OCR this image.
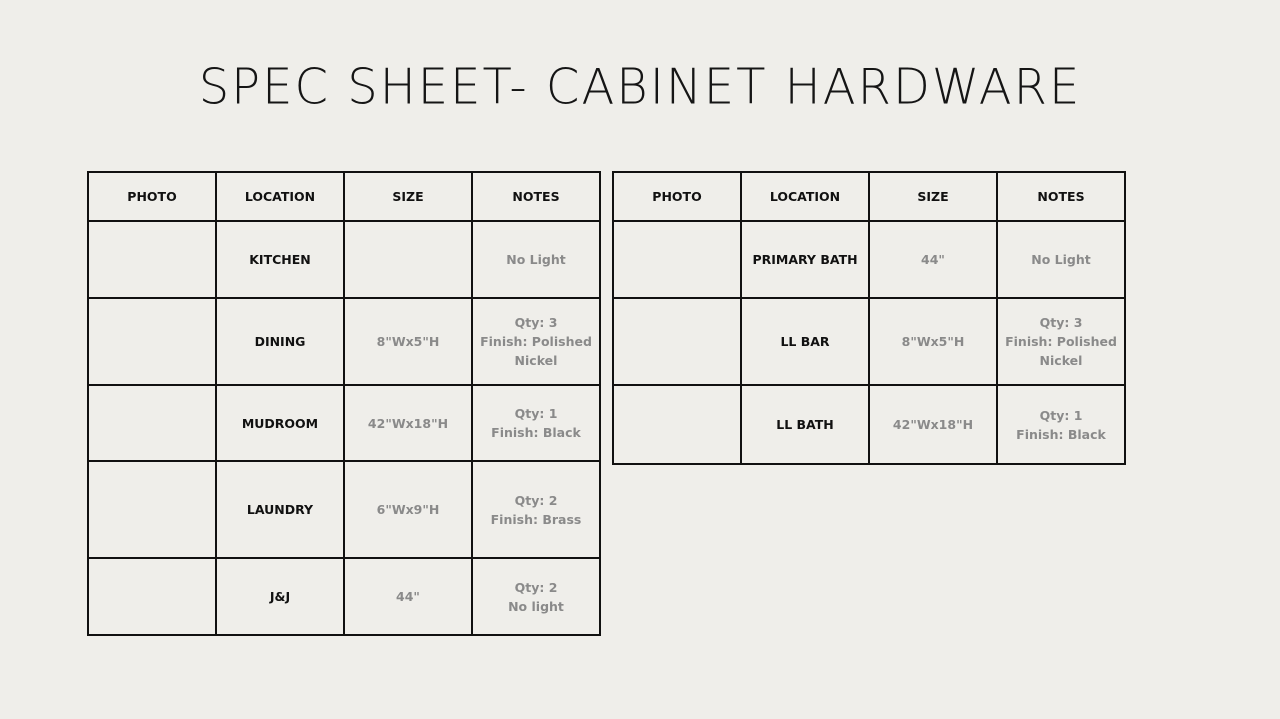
SPEC SHEET- CABINET HARDWARE
PHOTO	LOCATION	SIZE	NOTES
	KITCHEN		No Light
	DINING	8"Wx5"H	Qty: 3
Finish: Polished
Nickel
	MUDROOM	42"Wx18"H	Qty: 1
Finish: Black
	LAUNDRY	6"Wx9"H	Qty: 2
Finish: Brass
	J&J	44"	Qty: 2
No light
PHOTO	LOCATION	SIZE	NOTES
	PRIMARY BATH	44"	No Light
	LL BAR	8"Wx5"H	Qty: 3
Finish: Polished
Nickel
	LL BATH	42"Wx18"H	Qty: 1
Finish: Black
